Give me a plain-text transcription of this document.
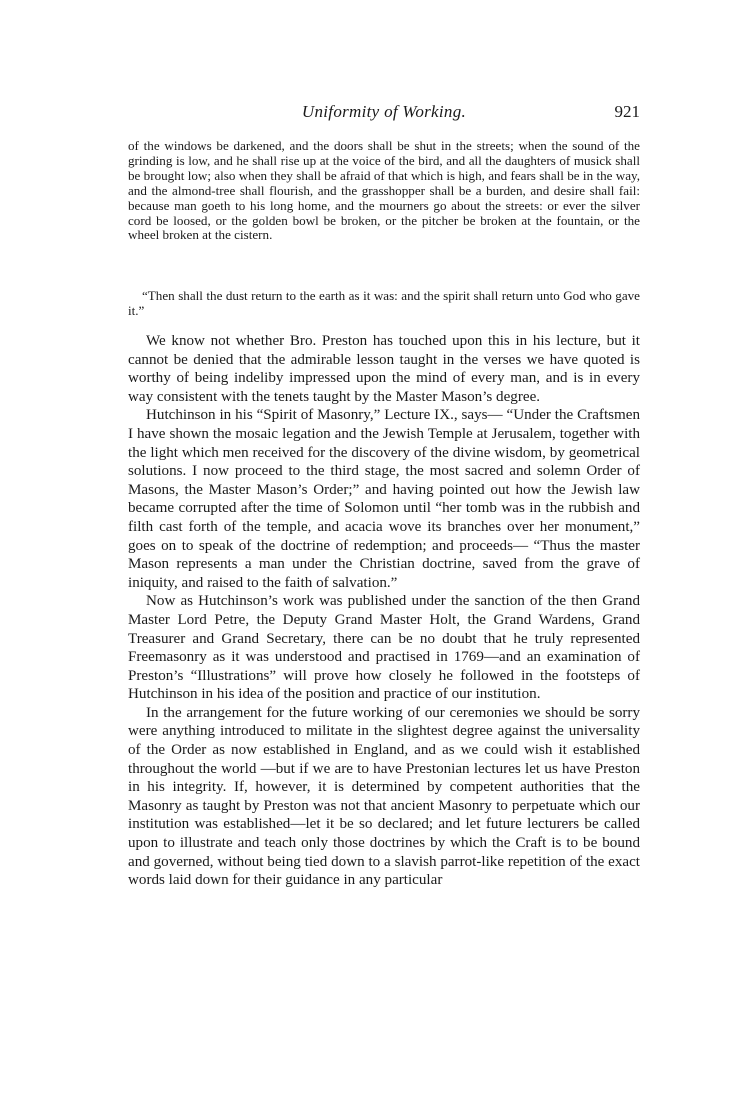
Uniformity of Working.	921

of the windows be darkened, and the doors shall be shut in the streets; when the sound of the grinding is low, and he shall rise up at the voice of the bird, and all the daughters of musick shall be brought low; also when they shall be afraid of that which is high, and fears shall be in the way, and the almond-tree shall flourish, and the grasshopper shall be a burden, and desire shall fail: because man goeth to his long home, and the mourners go about the streets: or ever the silver cord be loosed, or the golden bowl be broken, or the pitcher be broken at the fountain, or the wheel broken at the cistern.

“Then shall the dust return to the earth as it was: and the spirit shall return unto God who gave it.”

We know not whether Bro. Preston has touched upon this in his lecture, but it cannot be denied that the admirable lesson taught in the verses we have quoted is worthy of being indeliby impressed upon the mind of every man, and is in every way consistent with the tenets taught by the Master Mason’s degree.

Hutchinson in his “Spirit of Masonry,” Lecture IX., says— “Under the Craftsmen I have shown the mosaic legation and the Jewish Temple at Jerusalem, together with the light which men received for the discovery of the divine wisdom, by geometrical solutions. I now proceed to the third stage, the most sacred and solemn Order of Masons, the Master Mason’s Order;” and having pointed out how the Jewish law became corrupted after the time of Solomon until “her tomb was in the rubbish and filth cast forth of the temple, and acacia wove its branches over her monument,” goes on to speak of the doctrine of redemption; and proceeds— “Thus the master Mason represents a man under the Christian doctrine, saved from the grave of iniquity, and raised to the faith of salvation.”

Now as Hutchinson’s work was published under the sanction of the then Grand Master Lord Petre, the Deputy Grand Master Holt, the Grand Wardens, Grand Treasurer and Grand Secretary, there can be no doubt that he truly represented Freemasonry as it was understood and practised in 1769—and an examination of Preston’s “Illustrations” will prove how closely he followed in the footsteps of Hutchinson in his idea of the position and practice of our institution.

In the arrangement for the future working of our ceremonies we should be sorry were anything introduced to militate in the slightest degree against the universality of the Order as now established in England, and as we could wish it established throughout the world —but if we are to have Prestonian lectures let us have Preston in his integrity. If, however, it is determined by competent authorities that the Masonry as taught by Preston was not that ancient Masonry to perpetuate which our institution was established—let it be so declared; and let future lecturers be called upon to illustrate and teach only those doctrines by which the Craft is to be bound and governed, without being tied down to a slavish parrot-like repetition of the exact words laid down for their guidance in any particular
